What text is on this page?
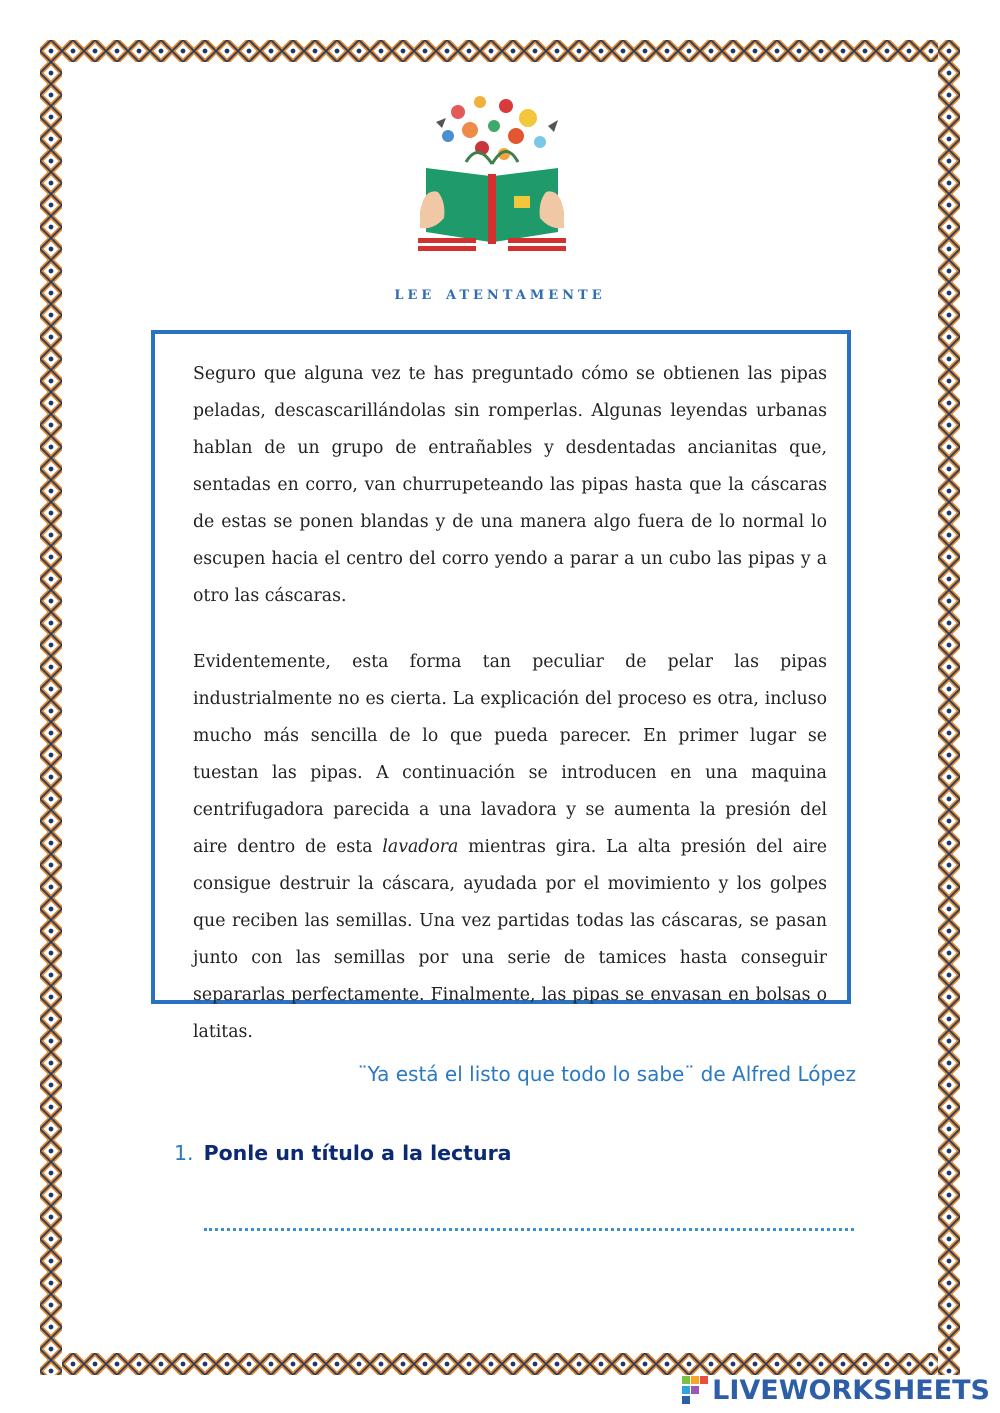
lee atentamente

Seguro que alguna vez te has preguntado cómo se obtienen las pipas peladas, descascarillándolas sin romperlas. Algunas leyendas urbanas hablan de un grupo de entrañables y desdentadas ancianitas que, sentadas en corro, van churrupeteando las pipas hasta que la cáscaras de estas se ponen blandas y de una manera algo fuera de lo normal lo escupen hacia el centro del corro yendo a parar a un cubo las pipas y a otro las cáscaras.

Evidentemente, esta forma tan peculiar de pelar las pipas industrialmente no es cierta. La explicación del proceso es otra, incluso mucho más sencilla de lo que pueda parecer. En primer lugar se tuestan las pipas. A continuación se introducen en una maquina centrifugadora parecida a una lavadora y se aumenta la presión del aire dentro de esta lavadora mientras gira. La alta presión del aire consigue destruir la cáscara, ayudada por el movimiento y los golpes que reciben las semillas. Una vez partidas todas las cáscaras, se pasan junto con las semillas por una serie de tamices hasta conseguir separarlas perfectamente. Finalmente, las pipas se envasan en bolsas o latitas.

¨Ya está el listo que todo lo sabe¨ de Alfred López
1. Ponle un título a la lectura
LIVEWORKSHEETS
